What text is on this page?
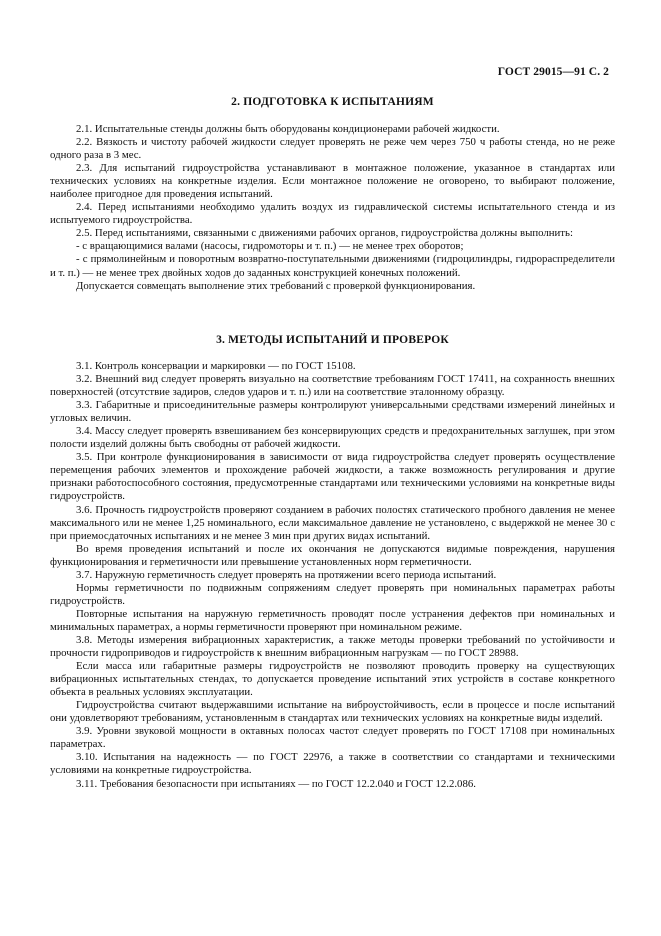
ГОСТ 29015—91 С. 2
2. ПОДГОТОВКА К ИСПЫТАНИЯМ

2.1. Испытательные стенды должны быть оборудованы кондиционерами рабочей жидкости.

2.2. Вязкость и чистоту рабочей жидкости следует проверять не реже чем через 750 ч работы стенда, но не реже одного раза в 3 мес.

2.3. Для испытаний гидроустройства устанавливают в монтажное положение, указанное в стандартах или технических условиях на конкретные изделия. Если монтажное положение не оговорено, то выбирают положение, наиболее пригодное для проведения испытаний.

2.4. Перед испытаниями необходимо удалить воздух из гидравлической системы испытательного стенда и из испытуемого гидроустройства.

2.5. Перед испытаниями, связанными с движениями рабочих органов, гидроустройства должны выполнить:

- с вращающимися валами (насосы, гидромоторы и т. п.) — не менее трех оборотов;

- с прямолинейным и поворотным возвратно-поступательными движениями (гидроцилиндры, гидрораспределители и т. п.) — не менее трех двойных ходов до заданных конструкцией конечных положений.

Допускается совмещать выполнение этих требований с проверкой функционирования.

3. МЕТОДЫ ИСПЫТАНИЙ И ПРОВЕРОК

3.1. Контроль консервации и маркировки — по ГОСТ 15108.

3.2. Внешний вид следует проверять визуально на соответствие требованиям ГОСТ 17411, на сохранность внешних поверхностей (отсутствие задиров, следов ударов и т. п.) или на соответствие эталонному образцу.

3.3. Габаритные и присоединительные размеры контролируют универсальными средствами измерений линейных и угловых величин.

3.4. Массу следует проверять взвешиванием без консервирующих средств и предохранительных заглушек, при этом полости изделий должны быть свободны от рабочей жидкости.

3.5. При контроле функционирования в зависимости от вида гидроустройства следует проверять осуществление перемещения рабочих элементов и прохождение рабочей жидкости, а также возможность регулирования и другие признаки работоспособного состояния, предусмотренные стандартами или техническими условиями на конкретные виды гидроустройств.

3.6. Прочность гидроустройств проверяют созданием в рабочих полостях статического пробного давления не менее максимального или не менее 1,25 номинального, если максимальное давление не установлено, с выдержкой не менее 30 с при приемосдаточных испытаниях и не менее 3 мин при других видах испытаний.

Во время проведения испытаний и после их окончания не допускаются видимые повреждения, нарушения функционирования и герметичности или превышение установленных норм герметичности.

3.7. Наружную герметичность следует проверять на протяжении всего периода испытаний.

Нормы герметичности по подвижным сопряжениям следует проверять при номинальных параметрах работы гидроустройств.

Повторные испытания на наружную герметичность проводят после устранения дефектов при номинальных и минимальных параметрах, а нормы герметичности проверяют при номинальном режиме.

3.8. Методы измерения вибрационных характеристик, а также методы проверки требований по устойчивости и прочности гидроприводов и гидроустройств к внешним вибрационным нагрузкам — по ГОСТ 28988.

Если масса или габаритные размеры гидроустройств не позволяют проводить проверку на существующих вибрационных испытательных стендах, то допускается проведение испытаний этих устройств в составе конкретного объекта в реальных условиях эксплуатации.

Гидроустройства считают выдержавшими испытание на виброустойчивость, если в процессе и после испытаний они удовлетворяют требованиям, установленным в стандартах или технических условиях на конкретные виды изделий.

3.9. Уровни звуковой мощности в октавных полосах частот следует проверять по ГОСТ 17108 при номинальных параметрах.

3.10. Испытания на надежность — по ГОСТ 22976, а также в соответствии со стандартами и техническими условиями на конкретные гидроустройства.

3.11. Требования безопасности при испытаниях — по ГОСТ 12.2.040 и ГОСТ 12.2.086.
